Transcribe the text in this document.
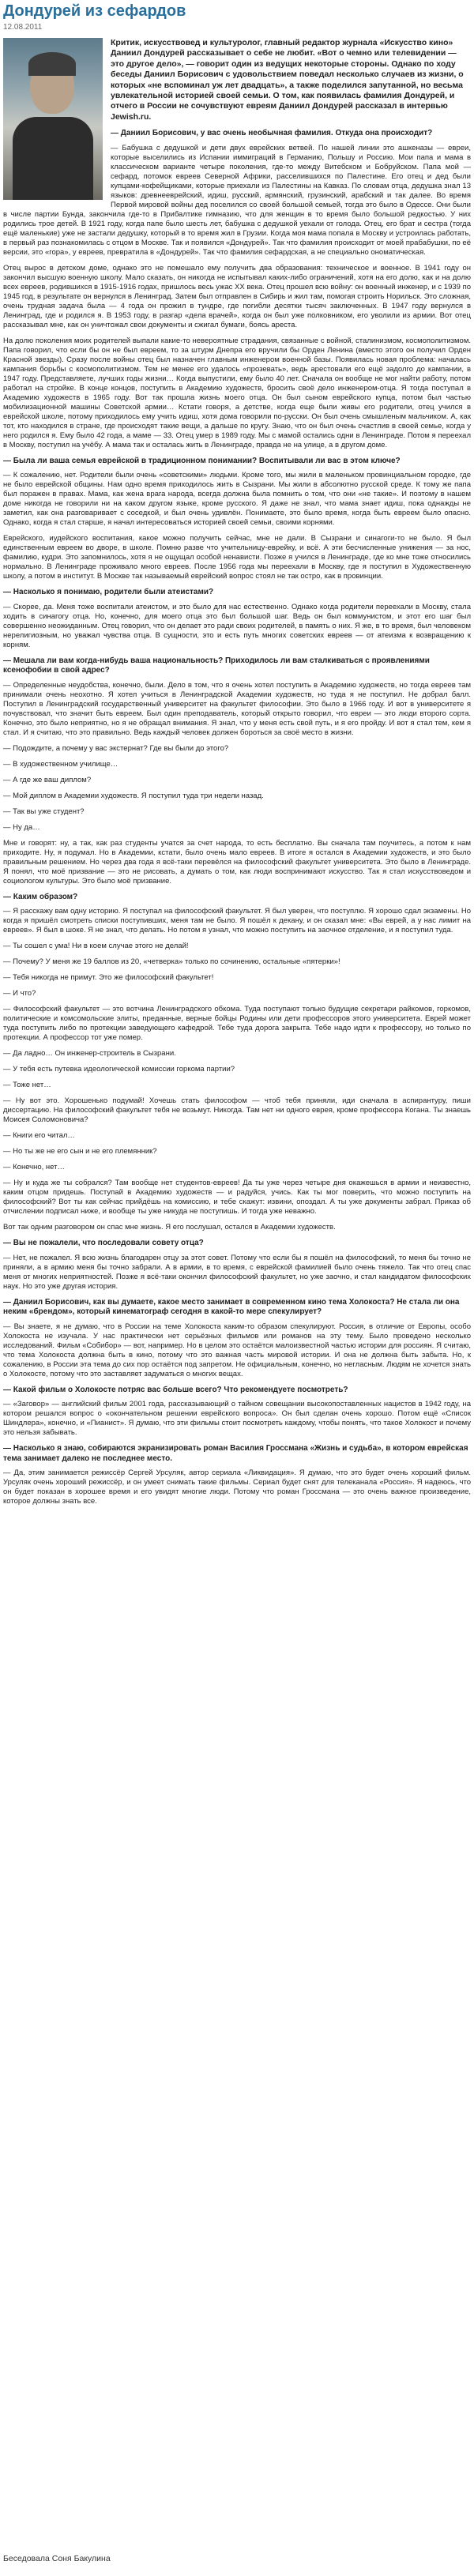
Дондурей из сефардов
12.08.2011

Критик, искусствовед и культуролог, главный редактор журнала «Искусство кино» Даниил Дондурей рассказывает о себе не любит. «Вот о чемно или телевидении — это другое дело», — говорит один из ведущих некоторые стороны. Однако по ходу беседы Даниил Борисович с удовольствием поведал несколько случаев из жизни, о которых «не вспоминал уж лет двадцать», а также поделился запутанной, но весьма увлекательной историей своей семьи. О том, как появилась фамилия Дондурей, и отчего в России не сочувствуют евреям Даниил Дондурей рассказал в интервью Jewish.ru.

— Даниил Борисович, у вас очень необычная фамилия. Откуда она происходит?

— Бабушка с дедушкой и дети двух еврейских ветвей. По нашей линии это ашкеназы — евреи, которые выселились из Испании иммиграций в Германию, Польшу и Россию. Мои папа и мама в классическом варианте четыре поколения, где-то между Витебском и Бобруйском. Папа мой — сефард, потомок евреев Северной Африки, расселившихся по Палестине. Его отец и дед были купцами-кофейщиками, которые приехали из Палестины на Кавказ. По словам отца, дедушка знал 13 языков: древнееврейский, идиш, русский, армянский, грузинский, арабский и так далее. Во время Первой мировой войны дед поселился со своей большой семьей, тогда это было в Одессе. Они были в числе партии Бунда, закончила где-то в Прибалтике гимназию, что для женщин в то время было большой редкостью. У них родились трое детей. В 1921 году, когда папе было шесть лет, бабушка с дедушкой уехали от голода. Отец, его брат и сестра (тогда ещё маленькие) уже не застали дедушку, который в то время жил в Грузии. Когда моя мама попала в Москву и устроилась работать, в первый раз познакомилась с отцом в Москве. Так и появился «Дондурей». Так что фамилия происходит от моей прабабушки, по её версии, это «гора», у евреев, превратила в «Дондурей». Так что фамилия сефардская, а не специально ономатическая.

Отец вырос в детском доме, однако это не помешало ему получить два образования: техническое и военное. В 1941 году он закончил высшую военную школу. Мало сказать, он никогда не испытывал каких-либо ограничений, хотя на его долю, как и на долю всех евреев, родившихся в 1915-1916 годах, пришлось весь ужас ХХ века. Отец прошел всю войну: он военный инженер, и с 1939 по 1945 год, в результате он вернулся в Ленинград. Затем был отправлен в Сибирь и жил там, помогая строить Норильск. Это сложная, очень трудная задача была — 4 года он прожил в тундре, где погибли десятки тысяч заключенных. В 1947 году вернулся в Ленинград, где и родился я. В 1953 году, в разгар «дела врачей», когда он был уже полковником, его уволили из армии. Вот отец рассказывал мне, как он уничтожал свои документы и сжигал бумаги, боясь ареста.

На долю поколения моих родителей выпали какие-то невероятные страдания, связанные с войной, сталинизмом, космополитизмом. Папа говорил, что если бы он не был евреем, то за штурм Днепра его вручили бы Орден Ленина (вместо этого он получил Орден Красной звезды). Сразу после войны отец был назначен главным инженером военной базы. Появилась новая проблема: началась кампания борьбы с космополитизмом. Тем не менее его удалось «прозевать», ведь арестовали его ещё задолго до кампании, в 1947 году. Представляете, лучших годы жизни… Когда выпустили, ему было 40 лет. Сначала он вообще не мог найти работу, потом работал на стройке. В конце концов, поступить в Академию художеств, бросить своё дело инженером-отца. Я тогда поступал в Академию художеств в 1965 году. Вот так прошла жизнь моего отца. Он был сыном еврейского купца, потом был частью мобилизационной машины Советской армии… Кстати говоря, а детстве, когда еще были живы его родители, отец учился в еврейской школе, потому приходилось ему учить идиш, хотя дома говорили по-русски. Он был очень смышленым мальчиком. А, как тот, кто находился в стране, где происходят такие вещи, а дальше по кругу. Знаю, что он был очень счастлив в своей семье, когда у него родился я. Ему было 42 года, а маме — 33. Отец умер в 1989 году. Мы с мамой остались одни в Ленинграде. Потом я переехал в Москву, поступил на учёбу. А мама так и осталась жить в Ленинграде, правда не на улице, а в другом доме.

— Была ли ваша семья еврейской в традиционном понимании? Воспитывали ли вас в этом ключе?

— К сожалению, нет. Родители были очень «советскими» людьми. Кроме того, мы жили в маленьком провинциальном городке, где не было еврейской общины. Нам одно время приходилось жить в Сызрани. Мы жили в абсолютно русской среде. К тому же папа был поражен в правах. Мама, как жена врага народа, всегда должна была помнить о том, что они «не такие». И поэтому в нашем доме никогда не говорили ни на каком другом языке, кроме русского. Я даже не знал, что мама знает идиш, пока однажды не заметил, как она разговаривает с соседкой, и был очень удивлён. Понимаете, это было время, когда быть евреем было опасно. Однако, когда я стал старше, я начал интересоваться историей своей семьи, своими корнями.

Еврейского, иудейского воспитания, какое можно получить сейчас, мне не дали. В Сызрани и синагоги-то не было. Я был единственным евреем во дворе, в школе. Помню разве что учительницу-еврейку, и всё. А эти бесчисленные унижения — за нос, фамилию, кудри. Это запомнилось, хотя я не ощущал особой ненависти. Позже я учился в Ленинграде, где ко мне тоже относились нормально. В Ленинграде проживало много евреев. После 1956 года мы переехали в Москву, где я поступил в Художественную школу, а потом в институт. В Москве так называемый еврейский вопрос стоял не так остро, как в провинции.

— Насколько я понимаю, родители были атеистами?

— Скорее, да. Меня тоже воспитали атеистом, и это было для нас естественно. Однако когда родители переехали в Москву, стала ходить в синагогу отца. Но, конечно, для моего отца это был большой шаг. Ведь он был коммунистом, и этот его шаг был совершенно неожиданным. Отец говорил, что он делает это ради своих родителей, в память о них. Я же, в то время, был человеком нерелигиозным, но уважал чувства отца. В сущности, это и есть путь многих советских евреев — от атеизма к возвращению к корням.

— Мешала ли вам когда-нибудь ваша национальность? Приходилось ли вам сталкиваться с проявлениями ксенофобии в свой адрес?

— Определенные неудобства, конечно, были. Дело в том, что я очень хотел поступить в Академию художеств, но тогда евреев там принимали очень неохотно. Я хотел учиться в Ленинградской Академии художеств, но туда я не поступил. Не добрал балл. Поступил в Ленинградский государственный университет на факультет философии. Это было в 1966 году. И вот в университете я почувствовал, что значит быть евреем. Был один преподаватель, который открыто говорил, что евреи — это люди второго сорта. Конечно, это было неприятно, но я не обращал внимания. Я знал, что у меня есть свой путь, и я его пройду. И вот я стал тем, кем я стал. И я считаю, что это правильно. Ведь каждый человек должен бороться за своё место в жизни.

— Подождите, а почему у вас экстернат? Где вы были до этого?

— В художественном училище…

— А где же ваш диплом?

— Мой диплом в Академии художеств. Я поступил туда три недели назад.

— Так вы уже студент?

— Ну да…

Мне и говорят: ну, а так, как раз студенты учатся за счет народа, то есть бесплатно. Вы сначала там поучитесь, а потом к нам приходите. Ну, я подумал. Но в Академии, кстати, было очень мало евреев. В итоге я остался в Академии художеств, и это было правильным решением. Но через два года я всё-таки перевёлся на философский факультет университета. Это было в Ленинграде. Я понял, что моё призвание — это не рисовать, а думать о том, как люди воспринимают искусство. Так я стал искусствоведом и социологом культуры. Это было моё призвание.

— Каким образом?

— Я расскажу вам одну историю. Я поступал на философский факультет. Я был уверен, что поступлю. Я хорошо сдал экзамены. Но когда я пришёл смотреть списки поступивших, меня там не было. Я пошёл к декану, и он сказал мне: «Вы еврей, а у нас лимит на евреев». Я был в шоке. Я не знал, что делать. Но потом я узнал, что можно поступить на заочное отделение, и я поступил туда.

— Ты сошел с ума! Ни в коем случае этого не делай!

— Почему? У меня же 19 баллов из 20, «четверка» только по сочинению, остальные «пятерки»!

— Тебя никогда не примут. Это же философский факультет!

— И что?

— Философский факультет — это вотчина Ленинградского обкома. Туда поступают только будущие секретари райкомов, горкомов, политические и комсомольские элиты, преданные, верные бойцы Родины или дети профессоров этого университета. Еврей может туда поступить либо по протекции заведующего кафедрой. Тебе туда дорога закрыта. Тебе надо идти к профессору, но только по протекции. А профессор тот уже помер.

— Да ладно… Он инженер-строитель в Сызрани.

— У тебя есть путевка идеологической комиссии горкома партии?

— Тоже нет…

— Ну вот это. Хорошенько подумай! Хочешь стать философом — чтоб тебя приняли, иди сначала в аспирантуру, пиши диссертацию. На философский факультет тебя не возьмут. Никогда. Там нет ни одного еврея, кроме профессора Когана. Ты знаешь Моисея Соломоновича?

— Книги его читал…

— Но ты же не его сын и не его племянник?

— Конечно, нет…

— Ну и куда же ты собрался? Там вообще нет студентов-евреев! Да ты уже через четыре дня окажешься в армии и неизвестно, каким отцом придешь. Поступай в Академию художеств — и радуйся, учись. Как ты мог поверить, что можно поступить на философский? Вот ты как сейчас прийдёшь на комиссию, и тебе скажут: извини, опоздал. А ты уже документы забрал. Приказ об отчислении подписал ниже, и вообще ты уже никуда не поступишь. И тогда уже неважно.

Вот так одним разговором он спас мне жизнь. Я его послушал, остался в Академии художеств.

— Вы не пожалели, что последовали совету отца?

— Нет, не пожалел. Я всю жизнь благодарен отцу за этот совет. Потому что если бы я пошёл на философский, то меня бы точно не приняли, а в армию меня бы точно забрали. А в армии, в то время, с еврейской фамилией было очень тяжело. Так что отец спас меня от многих неприятностей. Позже я всё-таки окончил философский факультет, но уже заочно, и стал кандидатом философских наук. Но это уже другая история.

— Даниил Борисович, как вы думаете, какое место занимает в современном кино тема Холокоста? Не стала ли она неким «брендом», который кинематограф сегодня в какой-то мере спекулирует?

— Вы знаете, я не думаю, что в России на теме Холокоста каким-то образом спекулируют. Россия, в отличие от Европы, особо Холокоста не изучала. У нас практически нет серьёзных фильмов или романов на эту тему. Было проведено несколько исследований. Фильм «Собибор» — вот, например. Но в целом это остаётся малоизвестной частью истории для россиян. Я считаю, что тема Холокоста должна быть в кино, потому что это важная часть мировой истории. И она не должна быть забыта. Но, к сожалению, в России эта тема до сих пор остаётся под запретом. Не официальным, конечно, но негласным. Людям не хочется знать о Холокосте, потому что это заставляет задуматься о многих вещах.

— Какой фильм о Холокосте потряс вас больше всего? Что рекомендуете посмотреть?

— «Заговор» — английский фильм 2001 года, рассказывающий о тайном совещании высокопоставленных нацистов в 1942 году, на котором решался вопрос о «окончательном решении еврейского вопроса». Он был сделан очень хорошо. Потом ещё «Список Шиндлера», конечно, и «Пианист». Я думаю, что эти фильмы стоит посмотреть каждому, чтобы понять, что такое Холокост и почему это нельзя забывать.

— Насколько я знаю, собираются экранизировать роман Василия Гроссмана «Жизнь и судьба», в котором еврейская тема занимает далеко не последнее место.

— Да, этим занимается режиссёр Сергей Урсуляк, автор сериала «Ликвидация». Я думаю, что это будет очень хороший фильм. Урсуляк очень хороший режиссёр, и он умеет снимать такие фильмы. Сериал будет снят для телеканала «Россия». Я надеюсь, что он будет показан в хорошее время и его увидят многие люди. Потому что роман Гроссмана — это очень важное произведение, которое должны знать все.

Беседовала Соня Бакулина
